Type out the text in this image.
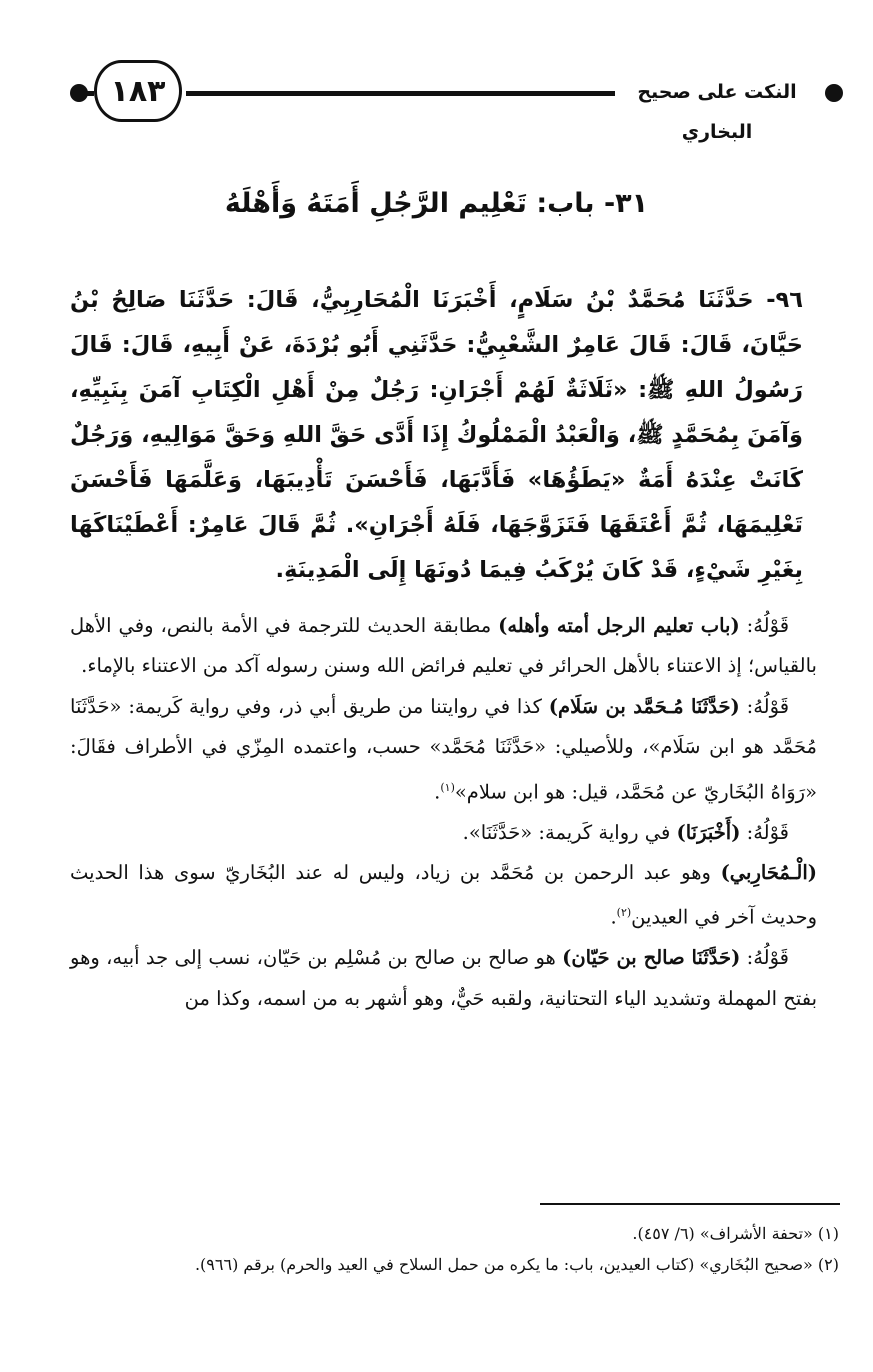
النكت على صحيح البخاري
١٨٣
٣١- باب: تَعْلِيم الرَّجُلِ أَمَتَهُ وَأَهْلَهُ

٩٦- حَدَّثَنَا مُحَمَّدٌ بْنُ سَلَامٍ، أَخْبَرَنَا الْمُحَارِبِيُّ، قَالَ: حَدَّثَنَا صَالِحُ بْنُ حَيَّانَ، قَالَ: قَالَ عَامِرٌ الشَّعْبِيُّ: حَدَّثَنِي أَبُو بُرْدَةَ، عَنْ أَبِيهِ، قَالَ: قَالَ رَسُولُ اللهِ ﷺ: «ثَلَاثَةٌ لَهُمْ أَجْرَانِ: رَجُلٌ مِنْ أَهْلِ الْكِتَابِ آمَنَ بِنَبِيِّهِ، وَآمَنَ بِمُحَمَّدٍ ﷺ، وَالْعَبْدُ الْمَمْلُوكُ إِذَا أَدَّى حَقَّ اللهِ وَحَقَّ مَوَالِيهِ، وَرَجُلٌ كَانَتْ عِنْدَهُ أَمَةٌ «يَطَؤُهَا» فَأَدَّبَهَا، فَأَحْسَنَ تَأْدِيبَهَا، وَعَلَّمَهَا فَأَحْسَنَ تَعْلِيمَهَا، ثُمَّ أَعْتَقَهَا فَتَزَوَّجَهَا، فَلَهُ أَجْرَانِ». ثُمَّ قَالَ عَامِرٌ: أَعْطَيْنَاكَهَا بِغَيْرِ شَيْءٍ، قَدْ كَانَ يُرْكَبُ فِيمَا دُونَهَا إِلَى الْمَدِينَةِ.

قَوْلُهُ: (باب تعليم الرجل أمته وأهله) مطابقة الحديث للترجمة في الأمة بالنص، وفي الأهل بالقياس؛ إذ الاعتناء بالأهل الحرائر في تعليم فرائض الله وسنن رسوله آكد من الاعتناء بالإماء.

قَوْلُهُ: (حَدَّثَنَا مُـحَمَّد بن سَلَام) كذا في روايتنا من طريق أبي ذر، وفي رواية كَريمة: «حَدَّثَنَا مُحَمَّد هو ابن سَلَام»، وللأصيلي: «حَدَّثَنَا مُحَمَّد» حسب، واعتمده المِزّي في الأطراف فقَالَ: «رَوَاهُ البُخَاريّ عن مُحَمَّد، قيل: هو ابن سلام»$^{(١)}$.

قَوْلُهُ: (أَخْبَرَنَا) في رواية كَريمة: «حَدَّثَنَا».

(الْـمُحَارِبي) وهو عبد الرحمن بن مُحَمَّد بن زياد، وليس له عند البُخَاريّ سوى هذا الحديث وحديث آخر في العيدين$^{(٢)}$.

قَوْلُهُ: (حَدَّثَنَا صالح بن حَيّان) هو صالح بن صالح بن مُسْلِم بن حَيّان، نسب إلى جد أبيه، وهو بفتح المهملة وتشديد الياء التحتانية، ولقبه حَيٌّ، وهو أشهر به من اسمه، وكذا من

(١) «تحفة الأشراف» (٦/ ٤٥٧).

(٢) «صحيح البُخَاري» (كتاب العيدين، باب: ما يكره من حمل السلاح في العيد والحرم) برقم (٩٦٦).
